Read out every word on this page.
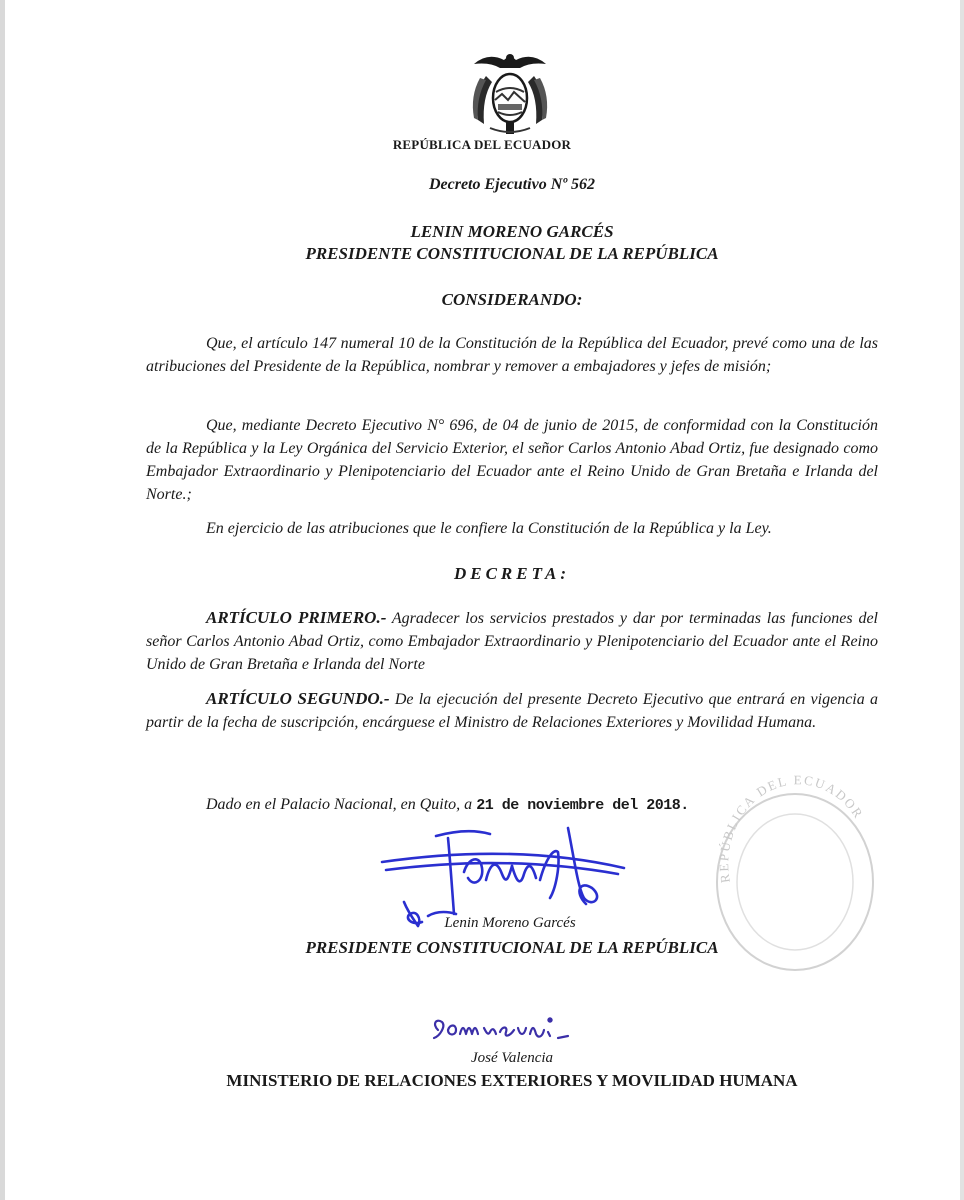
REPÚBLICA DEL ECUADOR
Decreto Ejecutivo Nº 562
LENIN MORENO GARCÉS
PRESIDENTE CONSTITUCIONAL DE LA REPÚBLICA
CONSIDERANDO:
Que, el artículo 147 numeral 10 de la Constitución de la República del Ecuador, prevé como una de las atribuciones del Presidente de la República, nombrar y remover a embajadores y jefes de misión;
Que, mediante Decreto Ejecutivo N° 696, de 04 de junio de 2015, de conformidad con la Constitución de la República y la Ley Orgánica del Servicio Exterior, el señor Carlos Antonio Abad Ortiz, fue designado como Embajador Extraordinario y Plenipotenciario del Ecuador ante el Reino Unido de Gran Bretaña e Irlanda del Norte.;
En ejercicio de las atribuciones que le confiere la Constitución de la República y la Ley.
DECRETA:
ARTÍCULO PRIMERO.- Agradecer los servicios prestados y dar por terminadas las funciones del señor Carlos Antonio Abad Ortiz, como Embajador Extraordinario y Plenipotenciario del Ecuador ante el Reino Unido de Gran Bretaña e Irlanda del Norte
ARTÍCULO SEGUNDO.- De la ejecución del presente Decreto Ejecutivo que entrará en vigencia a partir de la fecha de suscripción, encárguese el Ministro de Relaciones Exteriores y Movilidad Humana.
Dado en el Palacio Nacional, en Quito, a 21 de noviembre del 2018.
REPÚBLICA DEL ECUADOR
Lenin Moreno Garcés
PRESIDENTE CONSTITUCIONAL DE LA REPÚBLICA
José Valencia
MINISTERIO DE RELACIONES EXTERIORES Y MOVILIDAD HUMANA
